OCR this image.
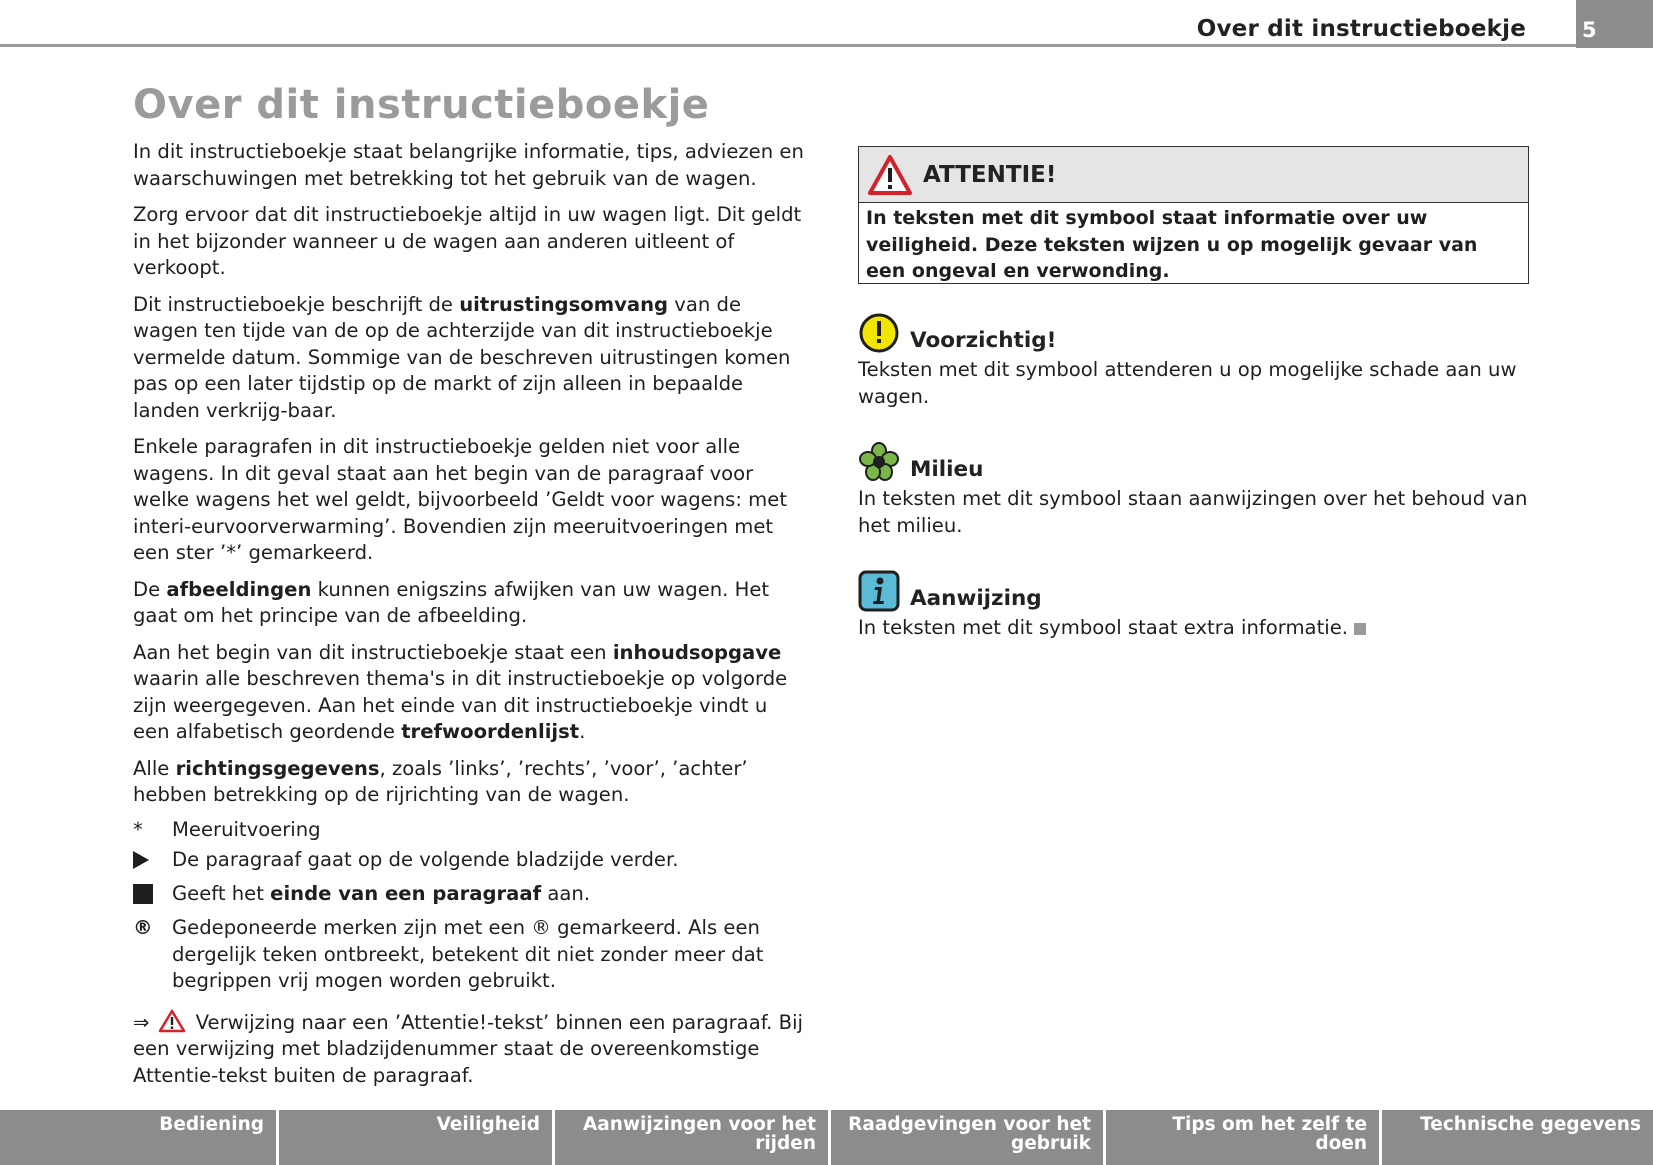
Over dit instructieboekje	5
Over dit instructieboekje

In dit instructieboekje staat belangrijke informatie, tips, adviezen en waarschuwingen met betrekking tot het gebruik van de wagen.

Zorg ervoor dat dit instructieboekje altijd in uw wagen ligt. Dit geldt in het bijzonder wanneer u de wagen aan anderen uitleent of verkoopt.

Dit instructieboekje beschrijft de uitrustingsomvang van de wagen ten tijde van de op de achterzijde van dit instructieboekje vermelde datum. Sommige van de beschreven uitrustingen komen pas op een later tijdstip op de markt of zijn alleen in bepaalde landen verkrijg-baar.

Enkele paragrafen in dit instructieboekje gelden niet voor alle wagens. In dit geval staat aan het begin van de paragraaf voor welke wagens het wel geldt, bijvoorbeeld ’Geldt voor wagens: met interi-eurvoorverwarming’. Bovendien zijn meeruitvoeringen met een ster ’*’ gemarkeerd.

De afbeeldingen kunnen enigszins afwijken van uw wagen. Het gaat om het principe van de afbeelding.

Aan het begin van dit instructieboekje staat een inhoudsopgave waarin alle beschreven thema's in dit instructieboekje op volgorde zijn weergegeven. Aan het einde van dit instructieboekje vindt u een alfabetisch geordende trefwoordenlijst.

Alle richtingsgegevens, zoals ’links’, ’rechts’, ’voor’, ’achter’ hebben betrekking op de rijrichting van de wagen.

*	Meeruitvoering
De paragraaf gaat op de volgende bladzijde verder.
Geeft het einde van een paragraaf aan.
® Gedeponeerde merken zijn met een ® gemarkeerd. Als een dergelijk teken ontbreekt, betekent dit niet zonder meer dat begrippen vrij mogen worden gebruikt.

⇒ Verwijzing naar een ’Attentie!-tekst’ binnen een paragraaf. Bij een verwijzing met bladzijdenummer staat de overeenkomstige Attentie-tekst buiten de paragraaf.

ATTENTIE!
In teksten met dit symbool staat informatie over uw veiligheid. Deze teksten wijzen u op mogelijk gevaar van een ongeval en verwonding.
Voorzichtig!
Teksten met dit symbool attenderen u op mogelijke schade aan uw wagen.
Milieu
In teksten met dit symbool staan aanwijzingen over het behoud van het milieu.
Aanwijzing
In teksten met dit symbool staat extra informatie.
Bediening	Veiligheid	Aanwijzingen voor het rijden
Raadgevingen voor het gebruik
Tips om het zelf te doen
Technische gegevens
